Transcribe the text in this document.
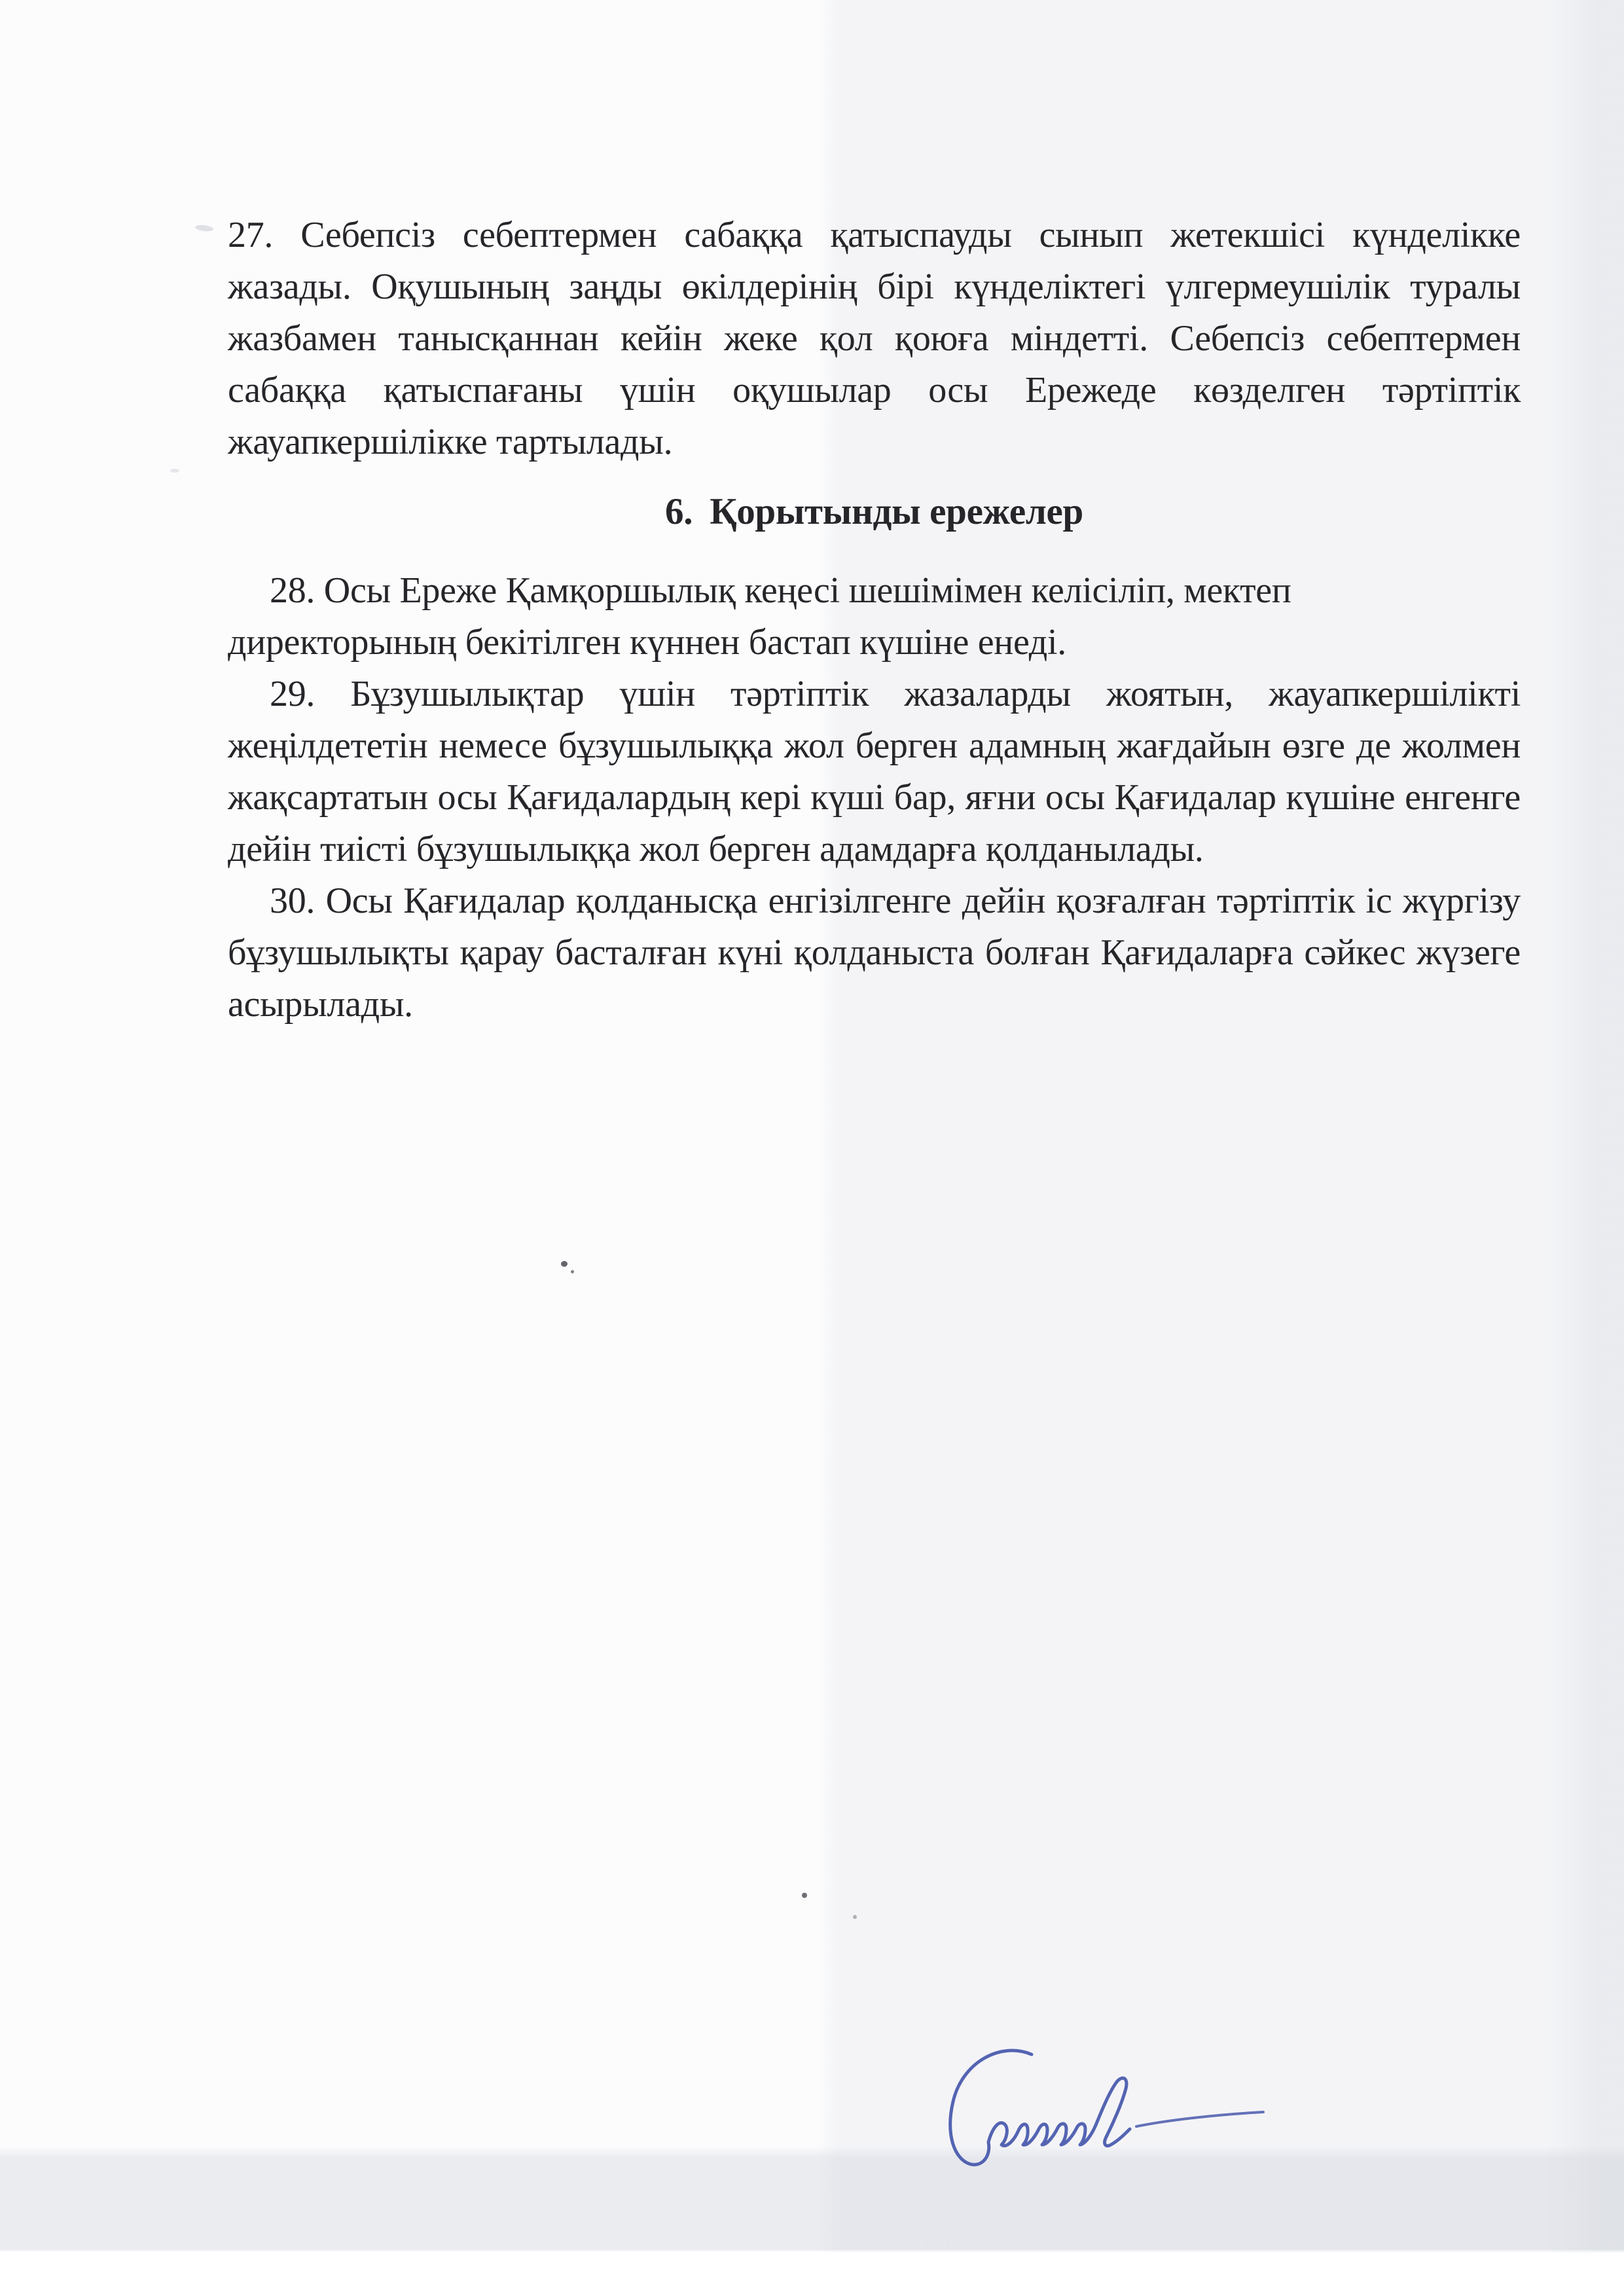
27. Себепсіз себептермен сабаққа қатыспауды сынып жетекшісі күнделікке жазады. Оқушының заңды өкілдерінің бірі күнделіктегі үлгермеушілік туралы жазбамен танысқаннан кейін жеке қол қоюға міндетті. Себепсіз себептермен сабаққа қатыспағаны үшін оқушылар осы Ережеде көзделген тәртіптік жауапкершілікке тартылады.

6. Қорытынды ережелер

28. Осы Ереже Қамқоршылық кеңесі шешімімен келісіліп, мектеп директорының бекітілген күннен бастап күшіне енеді.

29. Бұзушылықтар үшін тәртіптік жазаларды жоятын, жауапкершілікті жеңілдететін немесе бұзушылыққа жол берген адамның жағдайын өзге де жолмен жақсартатын осы Қағидалардың кері күші бар, яғни осы Қағидалар күшіне енгенге дейін тиісті бұзушылыққа жол берген адамдарға қолданылады.

30. Осы Қағидалар қолданысқа енгізілгенге дейін қозғалған тәртіптік іс жүргізу бұзушылықты қарау басталған күні қолданыста болған Қағидаларға сәйкес жүзеге асырылады.
